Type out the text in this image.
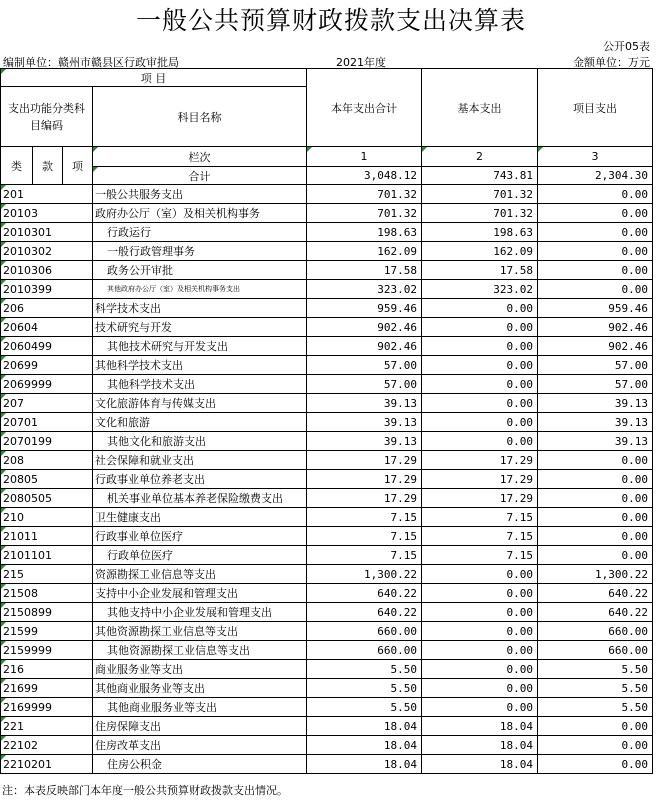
一般公共预算财政拨款支出决算表
公开05表
编制单位：赣州市赣县区行政审批局	2021年度	金额单位：万元
项 目				本年支出合计	基本支出	项目支出
支出功能分类科目编码			科目名称			

类	款	项	栏次	1	2	3
			合计	3,048.12	743.81	2,304.30
201			一般公共服务支出	701.32	701.32	0.00
20103			政府办公厅（室）及相关机构事务	701.32	701.32	0.00
2010301			行政运行	198.63	198.63	0.00
2010302			一般行政管理事务	162.09	162.09	0.00
2010306			政务公开审批	17.58	17.58	0.00
2010399			其他政府办公厅（室）及相关机构事务支出	323.02	323.02	0.00
206			科学技术支出	959.46	0.00	959.46
20604			技术研究与开发	902.46	0.00	902.46
2060499			其他技术研究与开发支出	902.46	0.00	902.46
20699			其他科学技术支出	57.00	0.00	57.00
2069999			其他科学技术支出	57.00	0.00	57.00
207			文化旅游体育与传媒支出	39.13	0.00	39.13
20701			文化和旅游	39.13	0.00	39.13
2070199			其他文化和旅游支出	39.13	0.00	39.13
208			社会保障和就业支出	17.29	17.29	0.00
20805			行政事业单位养老支出	17.29	17.29	0.00
2080505			机关事业单位基本养老保险缴费支出	17.29	17.29	0.00
210			卫生健康支出	7.15	7.15	0.00
21011			行政事业单位医疗	7.15	7.15	0.00
2101101			行政单位医疗	7.15	7.15	0.00
215			资源勘探工业信息等支出	1,300.22	0.00	1,300.22
21508			支持中小企业发展和管理支出	640.22	0.00	640.22
2150899			其他支持中小企业发展和管理支出	640.22	0.00	640.22
21599			其他资源勘探工业信息等支出	660.00	0.00	660.00
2159999			其他资源勘探工业信息等支出	660.00	0.00	660.00
216			商业服务业等支出	5.50	0.00	5.50
21699			其他商业服务业等支出	5.50	0.00	5.50
2169999			其他商业服务业等支出	5.50	0.00	5.50
221			住房保障支出	18.04	18.04	0.00
22102			住房改革支出	18.04	18.04	0.00
2210201			住房公积金	18.04	18.04	0.00
注：本表反映部门本年度一般公共预算财政拨款支出情况。
